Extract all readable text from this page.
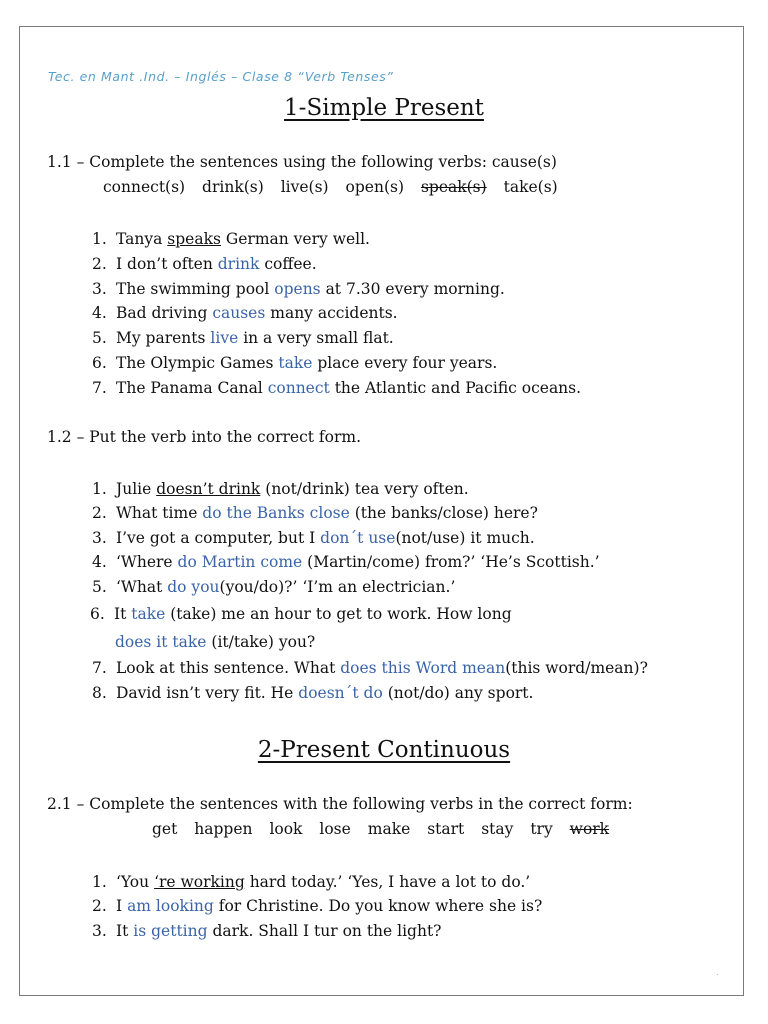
Tec. en Mant .Ind. – Inglés – Clase 8 “Verb Tenses”
1-Simple Present
1.1 – Complete the sentences using the following verbs: cause(s)
connect(s) drink(s) live(s) open(s) speak(s) take(s)
1. Tanya speaks German very well.
2. I don’t often drink coffee.
3. The swimming pool opens at 7.30 every morning.
4. Bad driving causes many accidents.
5. My parents live in a very small flat.
6. The Olympic Games take place every four years.
7. The Panama Canal connect the Atlantic and Pacific oceans.
1.2 – Put the verb into the correct form.
1. Julie doesn’t drink (not/drink) tea very often.
2. What time do the Banks close (the banks/close) here?
3. I’ve got a computer, but I don´t use(not/use) it much.
4. ‘Where do Martin come (Martin/come) from?’ ‘He’s Scottish.’
5. ‘What do you(you/do)?’ ‘I’m an electrician.’
6. It take (take) me an hour to get to work. How long
does it take (it/take) you?
7. Look at this sentence. What does this Word mean(this word/mean)?
8. David isn’t very fit. He doesn´t do (not/do) any sport.
2-Present Continuous
2.1 – Complete the sentences with the following verbs in the correct form:
get happen look lose make start stay try work
1. ‘You ‘re working hard today.’ ‘Yes, I have a lot to do.’
2. I am looking for Christine. Do you know where she is?
3. It is getting dark. Shall I tur on the light?
.
